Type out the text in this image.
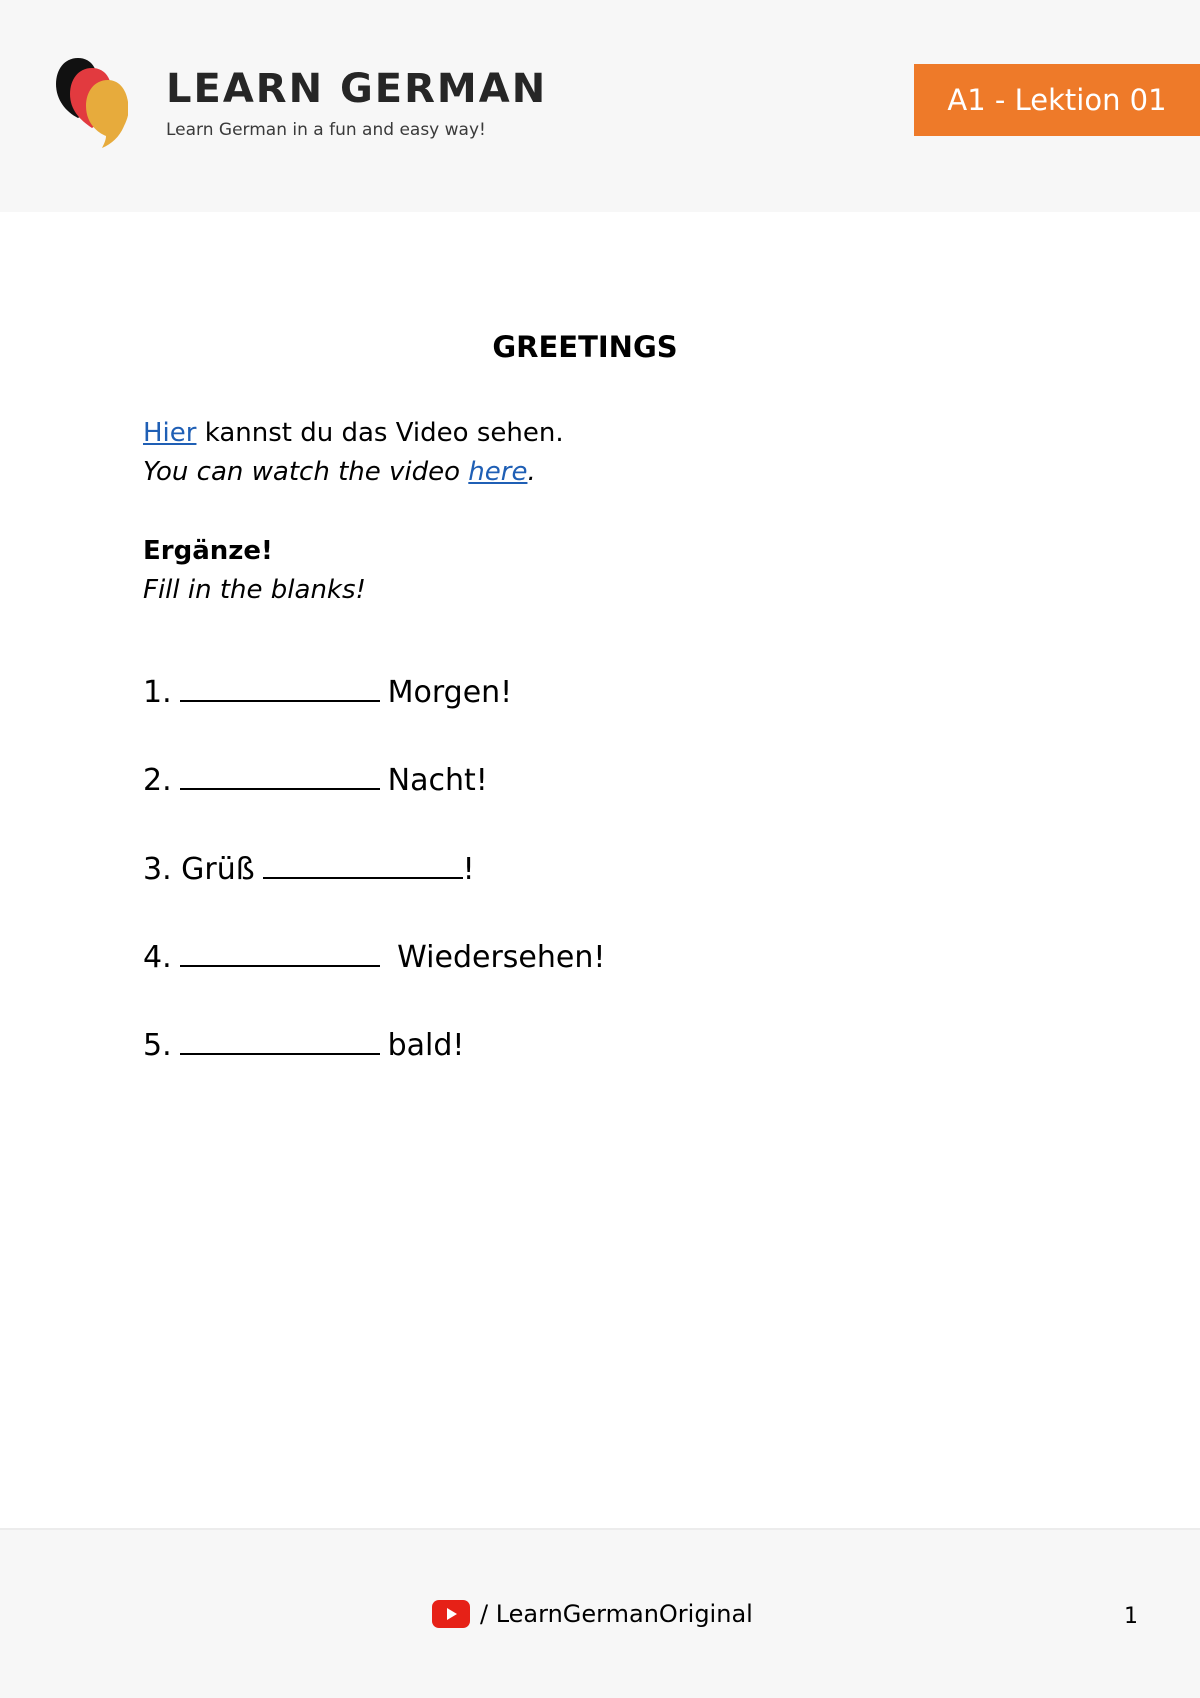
LEARN GERMAN
Learn German in a fun and easy way!
A1 - Lektion 01
GREETINGS
Hier kannst du das Video sehen.
You can watch the video here.
Ergänze!
Fill in the blanks!
1.	Morgen!
2.	Nacht!
3.
Grüß	!
4.	Wiedersehen!
5.	bald!
/ LearnGermanOriginal	1
